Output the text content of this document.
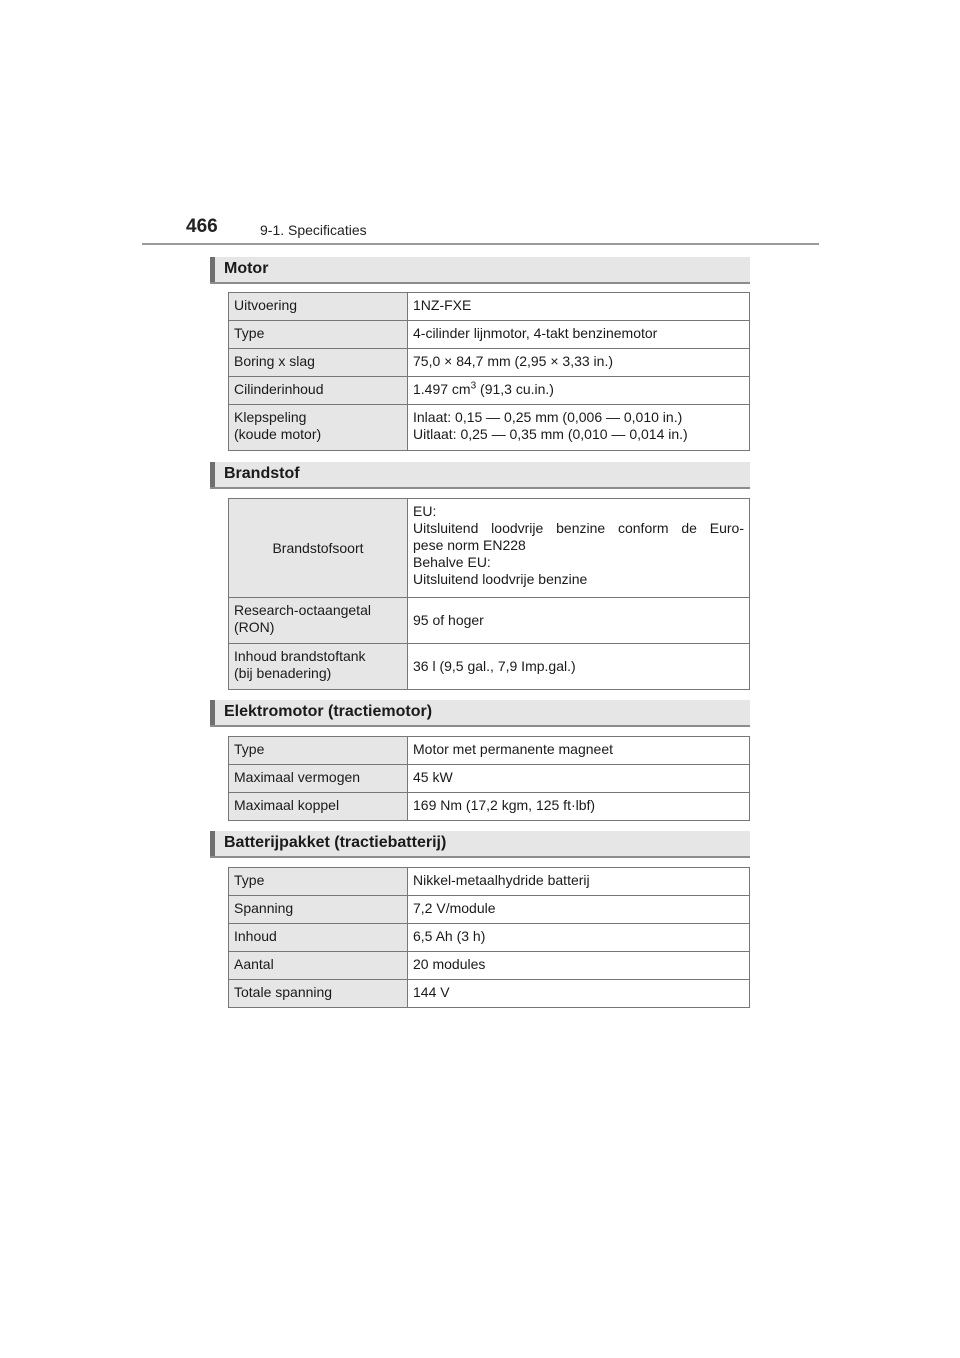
466	9-1. Specificaties
Motor
Uitvoering	1NZ-FXE
Type	4-cilinder lijnmotor, 4-takt benzinemotor
Boring x slag	75,0 × 84,7 mm (2,95 × 3,33 in.)
Cilinderinhoud	1.497 $cm^3$ (91,3 cu.in.)

Klepspeling
(koude motor)	Inlaat: 0,15 — 0,25 mm (0,006 — 0,010 in.)
Uitlaat: 0,25 — 0,35 mm (0,010 — 0,014 in.)
Brandstof
Brandstofsoort	EU:
Uitsluitend loodvrije benzine conform de Euro-
pese norm EN228
Behalve EU:
Uitsluitend loodvrije benzine

Research-octaangetal
(RON)	95 of hoger

Inhoud brandstoftank
(bij benadering)	36 l (9,5 gal., 7,9 Imp.gal.)
Elektromotor (tractiemotor)
Type	Motor met permanente magneet
Maximaal vermogen	45 kW
Maximaal koppel	169 Nm (17,2 kgm, 125 ft·lbf)
Batterijpakket (tractiebatterij)
Type	Nikkel-metaalhydride batterij
Spanning	7,2 V/module
Inhoud	6,5 Ah (3 h)
Aantal	20 modules
Totale spanning	144 V
